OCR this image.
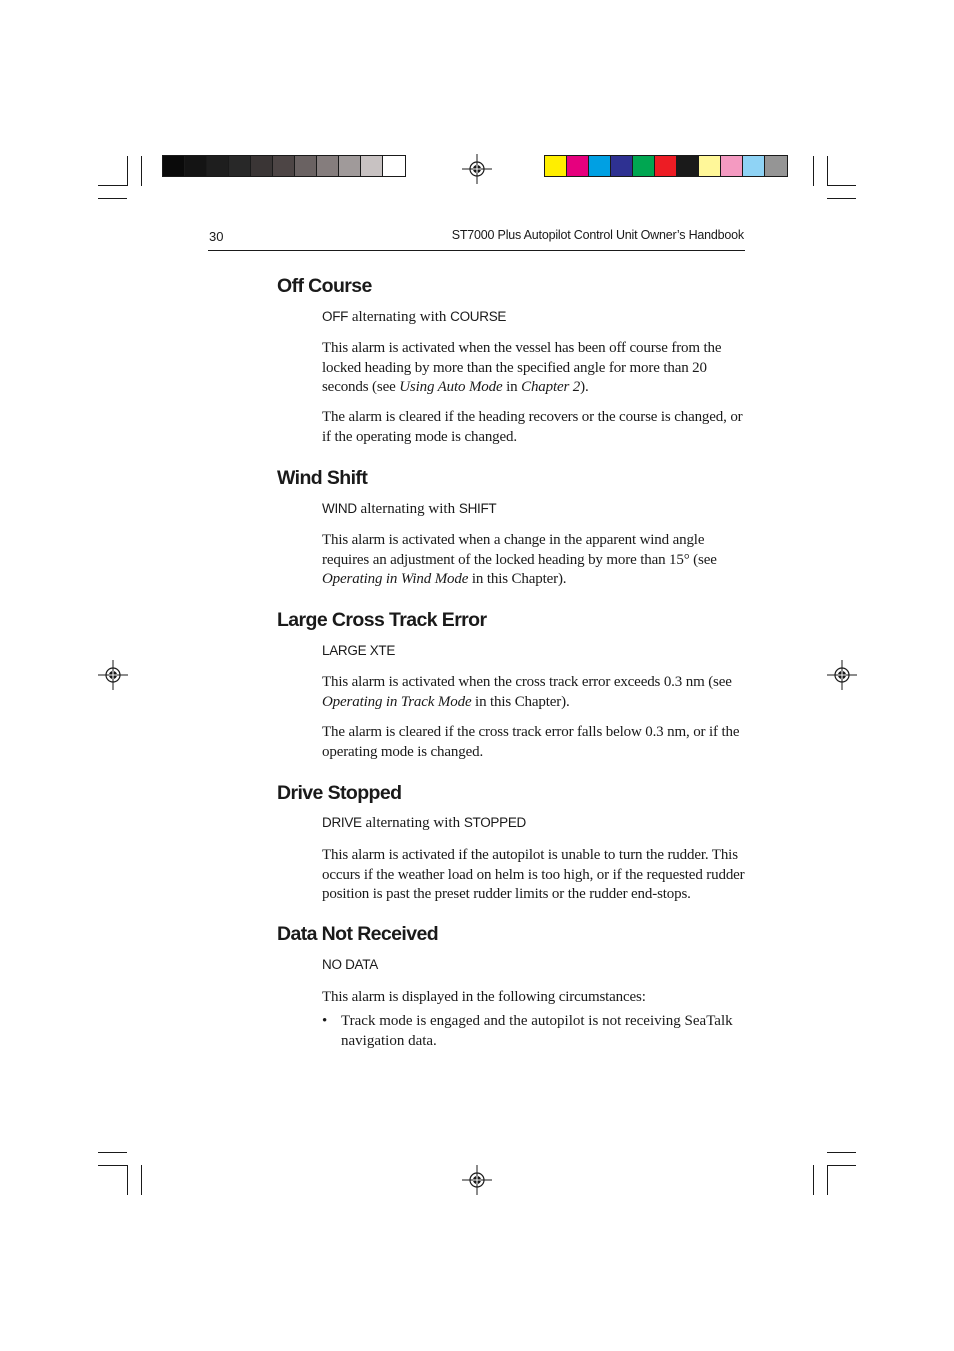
30	ST7000 Plus Autopilot Control Unit Owner’s Handbook
Off Course
OFF alternating with COURSE

This alarm is activated when the vessel has been off course from the locked heading by more than the specified angle for more than 20 seconds (see Using Auto Mode in Chapter 2).

The alarm is cleared if the heading recovers or the course is changed, or if the operating mode is changed.

Wind Shift
WIND alternating with SHIFT

This alarm is activated when a change in the apparent wind angle requires an adjustment of the locked heading by more than 15° (see Operating in Wind Mode in this Chapter).

Large Cross Track Error
LARGE XTE

This alarm is activated when the cross track error exceeds 0.3 nm (see Operating in Track Mode in this Chapter).

The alarm is cleared if the cross track error falls below 0.3 nm, or if the operating mode is changed.

Drive Stopped
DRIVE alternating with STOPPED

This alarm is activated if the autopilot is unable to turn the rudder. This occurs if the weather load on helm is too high, or if the requested rudder position is past the preset rudder limits or the rudder end-stops.

Data Not Received
NO DATA

This alarm is displayed in the following circumstances:

• Track mode is engaged and the autopilot is not receiving SeaTalk navigation data.
